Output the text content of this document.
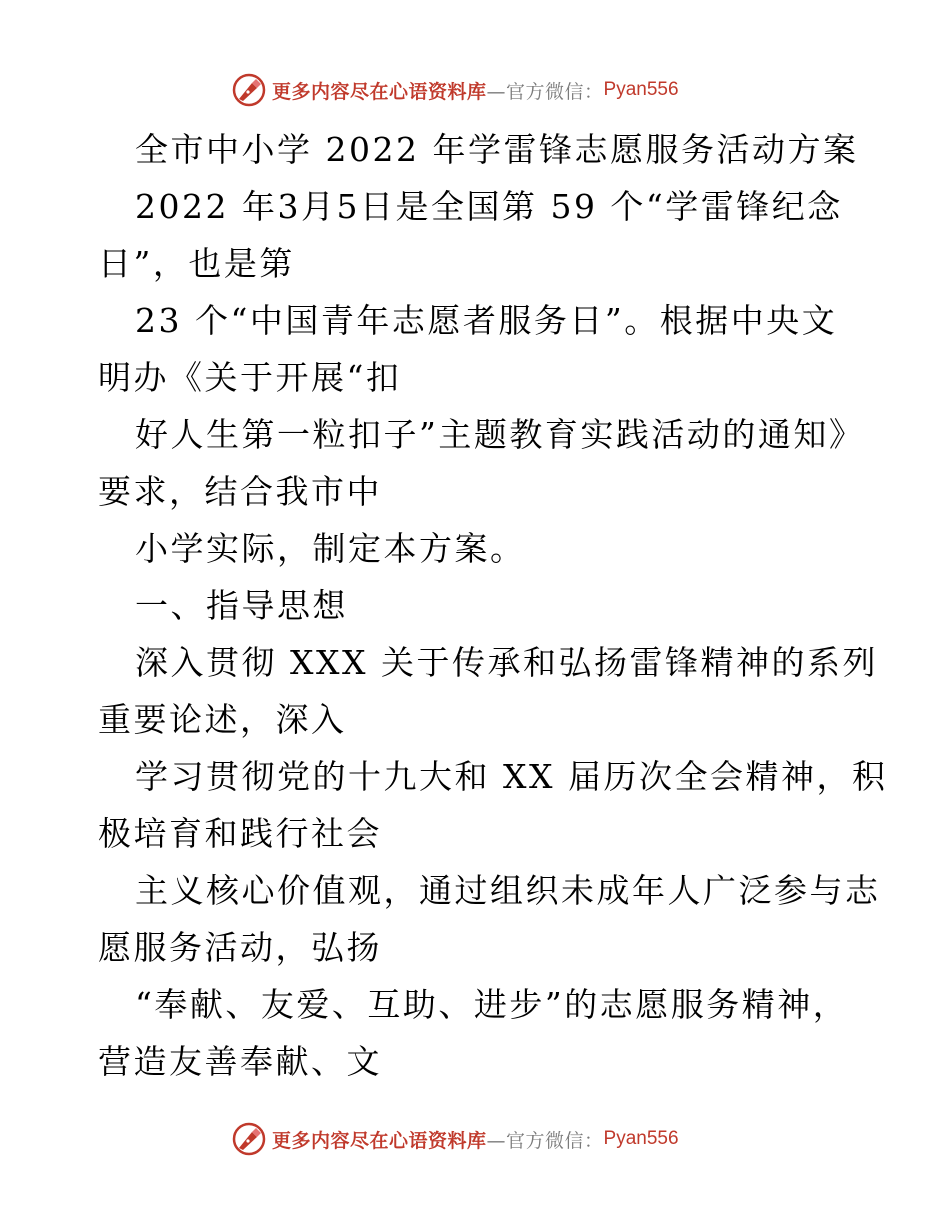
更多内容尽在心语资料库 —官方微信： Pyan556
全市中小学 2022 年学雷锋志愿服务活动方案
2022 年3月5日是全国第 59 个“学雷锋纪念
日”，也是第
23 个“中国青年志愿者服务日”。根据中央文
明办《关于开展“扣
好人生第一粒扣子”主题教育实践活动的通知》
要求，结合我市中
小学实际，制定本方案。
一、指导思想
深入贯彻 XXX 关于传承和弘扬雷锋精神的系列
重要论述，深入
学习贯彻党的十九大和 XX 届历次全会精神，积
极培育和践行社会
主义核心价值观，通过组织未成年人广泛参与志
愿服务活动，弘扬
“奉献、友爱、互助、进步”的志愿服务精神，
营造友善奉献、文
更多内容尽在心语资料库 —官方微信： Pyan556
